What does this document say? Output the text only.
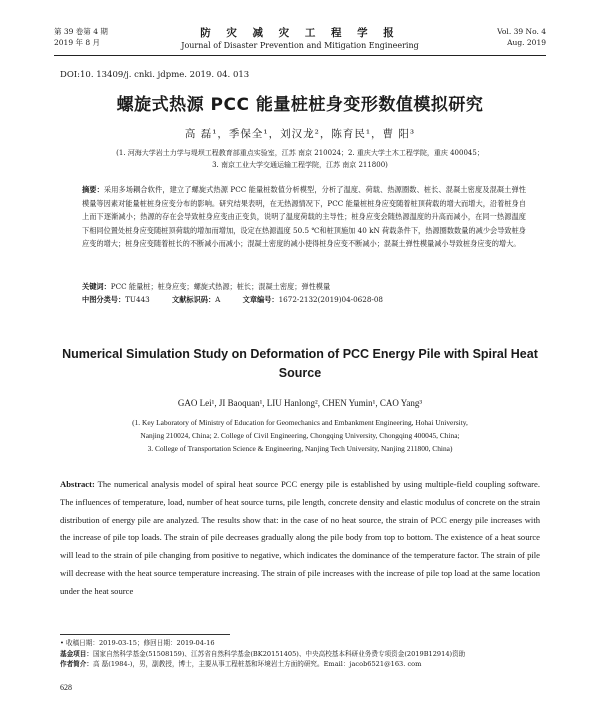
第 39 卷第 4 期
2019 年 8 月
防 灾 减 灾 工 程 学 报
Journal of Disaster Prevention and Mitigation Engineering
Vol. 39 No. 4
Aug. 2019
DOI:10. 13409/j. cnki. jdpme. 2019. 04. 013
螺旋式热源 PCC 能量桩桩身变形数值模拟研究
高 磊¹，季保全¹，刘汉龙²，陈育民¹，曹 阳³
(1. 河海大学岩土力学与堤坝工程教育部重点实验室，江苏 南京 210024；2. 重庆大学土木工程学院，重庆 400045；
3. 南京工业大学交通运输工程学院，江苏 南京 211800)
摘要：采用多场耦合软件，建立了螺旋式热源 PCC 能量桩数值分析模型，分析了温度、荷载、热源圈数、桩长、混凝土密度及混凝土弹性模量等因素对能量桩桩身应变分布的影响。研究结果表明，在无热源情况下，PCC 能量桩桩身应变随着桩顶荷载的增大而增大，沿着桩身自上而下逐渐减小；热源的存在会导致桩身应变由正变负，说明了温度荷载的主导性；桩身应变会随热源温度的升高而减小，在同一热源温度下相同位置处桩身应变随桩顶荷载的增加而增加，设定在热源温度 50.5 ℃和桩顶施加 40 kN 荷载条件下，热源圈数数量的减少会导致桩身应变的增大；桩身应变随着桩长的不断减小而减小；混凝土密度的减小使得桩身应变不断减小；混凝土弹性模量减小导致桩身应变的增大。
关键词：PCC 能量桩；桩身应变；螺旋式热源；桩长；混凝土密度；弹性模量
中图分类号：TU443	文献标识码：A	文章编号：1672-2132(2019)04-0628-08
Numerical Simulation Study on Deformation of PCC Energy Pile with Spiral Heat Source
GAO Lei¹, JI Baoquan¹, LIU Hanlong², CHEN Yumin¹, CAO Yang³
(1. Key Laboratory of Ministry of Education for Geomechanics and Embankment Engineering, Hohai University,
Nanjing 210024, China; 2. College of Civil Engineering, Chongqing University, Chongqing 400045, China;
3. College of Transportation Science & Engineering, Nanjing Tech University, Nanjing 211800, China)
Abstract: The numerical analysis model of spiral heat source PCC energy pile is established by using multiple-field coupling software. The influences of temperature, load, number of heat source turns, pile length, concrete density and elastic modulus of concrete on the strain distribution of energy pile are analyzed. The results show that: in the case of no heat source, the strain of PCC energy pile increases with the increase of pile top loads. The strain of pile decreases gradually along the pile body from top to bottom. The existence of a heat source will lead to the strain of pile changing from positive to negative, which indicates the dominance of the temperature factor. The strain of pile will decrease with the heat source temperature increasing. The strain of pile increases with the increase of pile top load at the same location under the heat source
• 收稿日期：2019-03-15；修回日期：2019-04-16
基金项目：国家自然科学基金(51508159)、江苏省自然科学基金(BK20151405)、中央高校基本科研业务费专项资金(2019B12914)资助
作者简介：高 磊(1984-)，男，副教授，博士，主要从事工程桩基和环境岩土方面的研究。Email：jacob6521@163. com
628
